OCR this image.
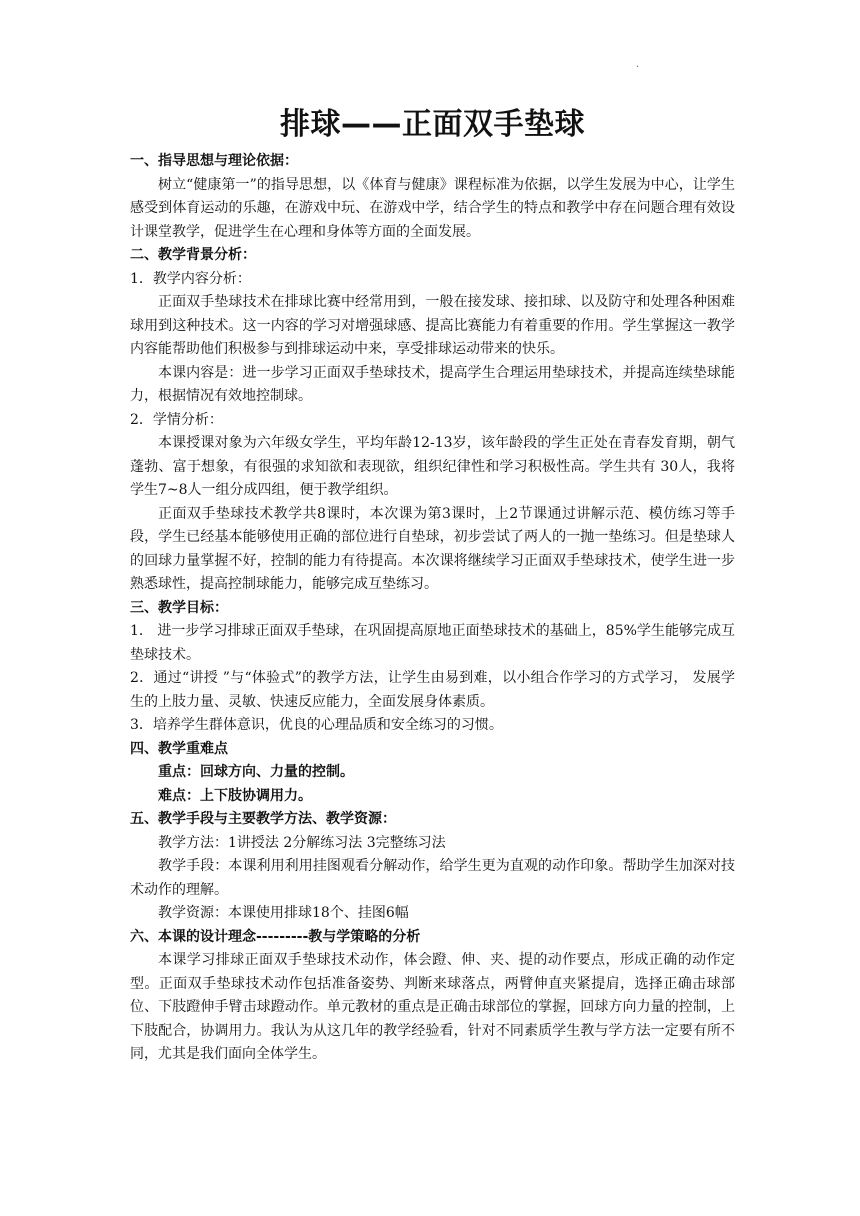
·
排球——正面双手垫球
一、指导思想与理论依据：
树立“健康第一”的指导思想，以《体育与健康》课程标准为依据，以学生发展为中心，让学生感受到体育运动的乐趣，在游戏中玩、在游戏中学，结合学生的特点和教学中存在问题合理有效设计课堂教学，促进学生在心理和身体等方面的全面发展。
二、教学背景分析：
1．教学内容分析：
正面双手垫球技术在排球比赛中经常用到，一般在接发球、接扣球、以及防守和处理各种困难球用到这种技术。这一内容的学习对增强球感、提高比赛能力有着重要的作用。学生掌握这一教学内容能帮助他们积极参与到排球运动中来，享受排球运动带来的快乐。
本课内容是：进一步学习正面双手垫球技术，提高学生合理运用垫球技术，并提高连续垫球能力，根据情况有效地控制球。
2．学情分析：
本课授课对象为六年级女学生，平均年龄12-13岁，该年龄段的学生正处在青春发育期，朝气蓬勃、富于想象，有很强的求知欲和表现欲，组织纪律性和学习积极性高。学生共有 30人，我将学生7~8人一组分成四组，便于教学组织。
正面双手垫球技术教学共8课时，本次课为第3课时，上2节课通过讲解示范、模仿练习等手段，学生已经基本能够使用正确的部位进行自垫球，初步尝试了两人的一抛一垫练习。但是垫球人的回球力量掌握不好，控制的能力有待提高。本次课将继续学习正面双手垫球技术，使学生进一步熟悉球性，提高控制球能力，能够完成互垫练习。
三、教学目标：
1． 进一步学习排球正面双手垫球，在巩固提高原地正面垫球技术的基础上，85%学生能够完成互垫球技术。
2．通过“讲授 ”与“体验式”的教学方法，让学生由易到难，以小组合作学习的方式学习， 发展学生的上肢力量、灵敏、快速反应能力，全面发展身体素质。
3．培养学生群体意识，优良的心理品质和安全练习的习惯。
四、教学重难点
重点：回球方向、力量的控制。
难点：上下肢协调用力。
五、教学手段与主要教学方法、教学资源：
教学方法：1讲授法 2分解练习法 3完整练习法
教学手段：本课利用利用挂图观看分解动作，给学生更为直观的动作印象。帮助学生加深对技术动作的理解。
教学资源：本课使用排球18个、挂图6幅
六、本课的设计理念---------教与学策略的分析
本课学习排球正面双手垫球技术动作，体会蹬、伸、夹、提的动作要点，形成正确的动作定型。正面双手垫球技术动作包括准备姿势、判断来球落点，两臂伸直夹紧提肩，选择正确击球部位、下肢蹬伸手臂击球蹬动作。单元教材的重点是正确击球部位的掌握，回球方向力量的控制，上下肢配合，协调用力。我认为从这几年的教学经验看，针对不同素质学生教与学方法一定要有所不同，尤其是我们面向全体学生。
